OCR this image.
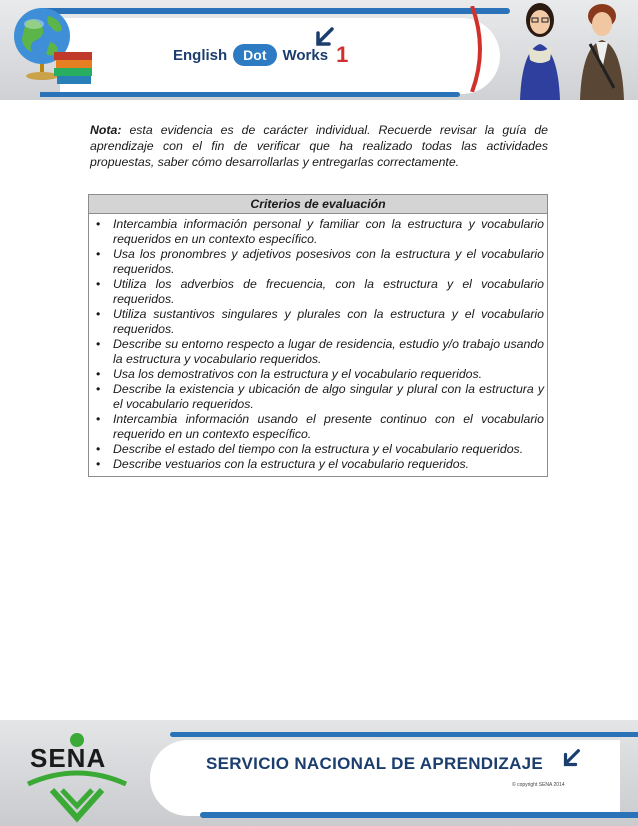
English	Dot	Works 1

Nota: esta evidencia es de carácter individual. Recuerde revisar la guía de aprendizaje con el fin de verificar que ha realizado todas las actividades propuestas, saber cómo desarrollarlas y entregarlas correctamente.

Criterios de evaluación
• Intercambia información personal y familiar con la estructura y vocabulario requeridos en un contexto específico.
• Usa los pronombres y adjetivos posesivos con la estructura y el vocabulario requeridos.
• Utiliza los adverbios de frecuencia, con la estructura y el vocabulario requeridos.
• Utiliza sustantivos singulares y plurales con la estructura y el vocabulario requeridos.
• Describe su entorno respecto a lugar de residencia, estudio y/o trabajo usando la estructura y vocabulario requeridos.
• Usa los demostrativos con la estructura y el vocabulario requeridos.
• Describe la existencia y ubicación de algo singular y plural con la estructura y el vocabulario requeridos.
• Intercambia información usando el presente continuo con el vocabulario requerido en un contexto específico.
• Describe el estado del tiempo con la estructura y el vocabulario requeridos.
• Describe vestuarios con la estructura y el vocabulario requeridos.
SENA	SERVICIO NACIONAL DE APRENDIZAJE
© copyright SENA 2014
